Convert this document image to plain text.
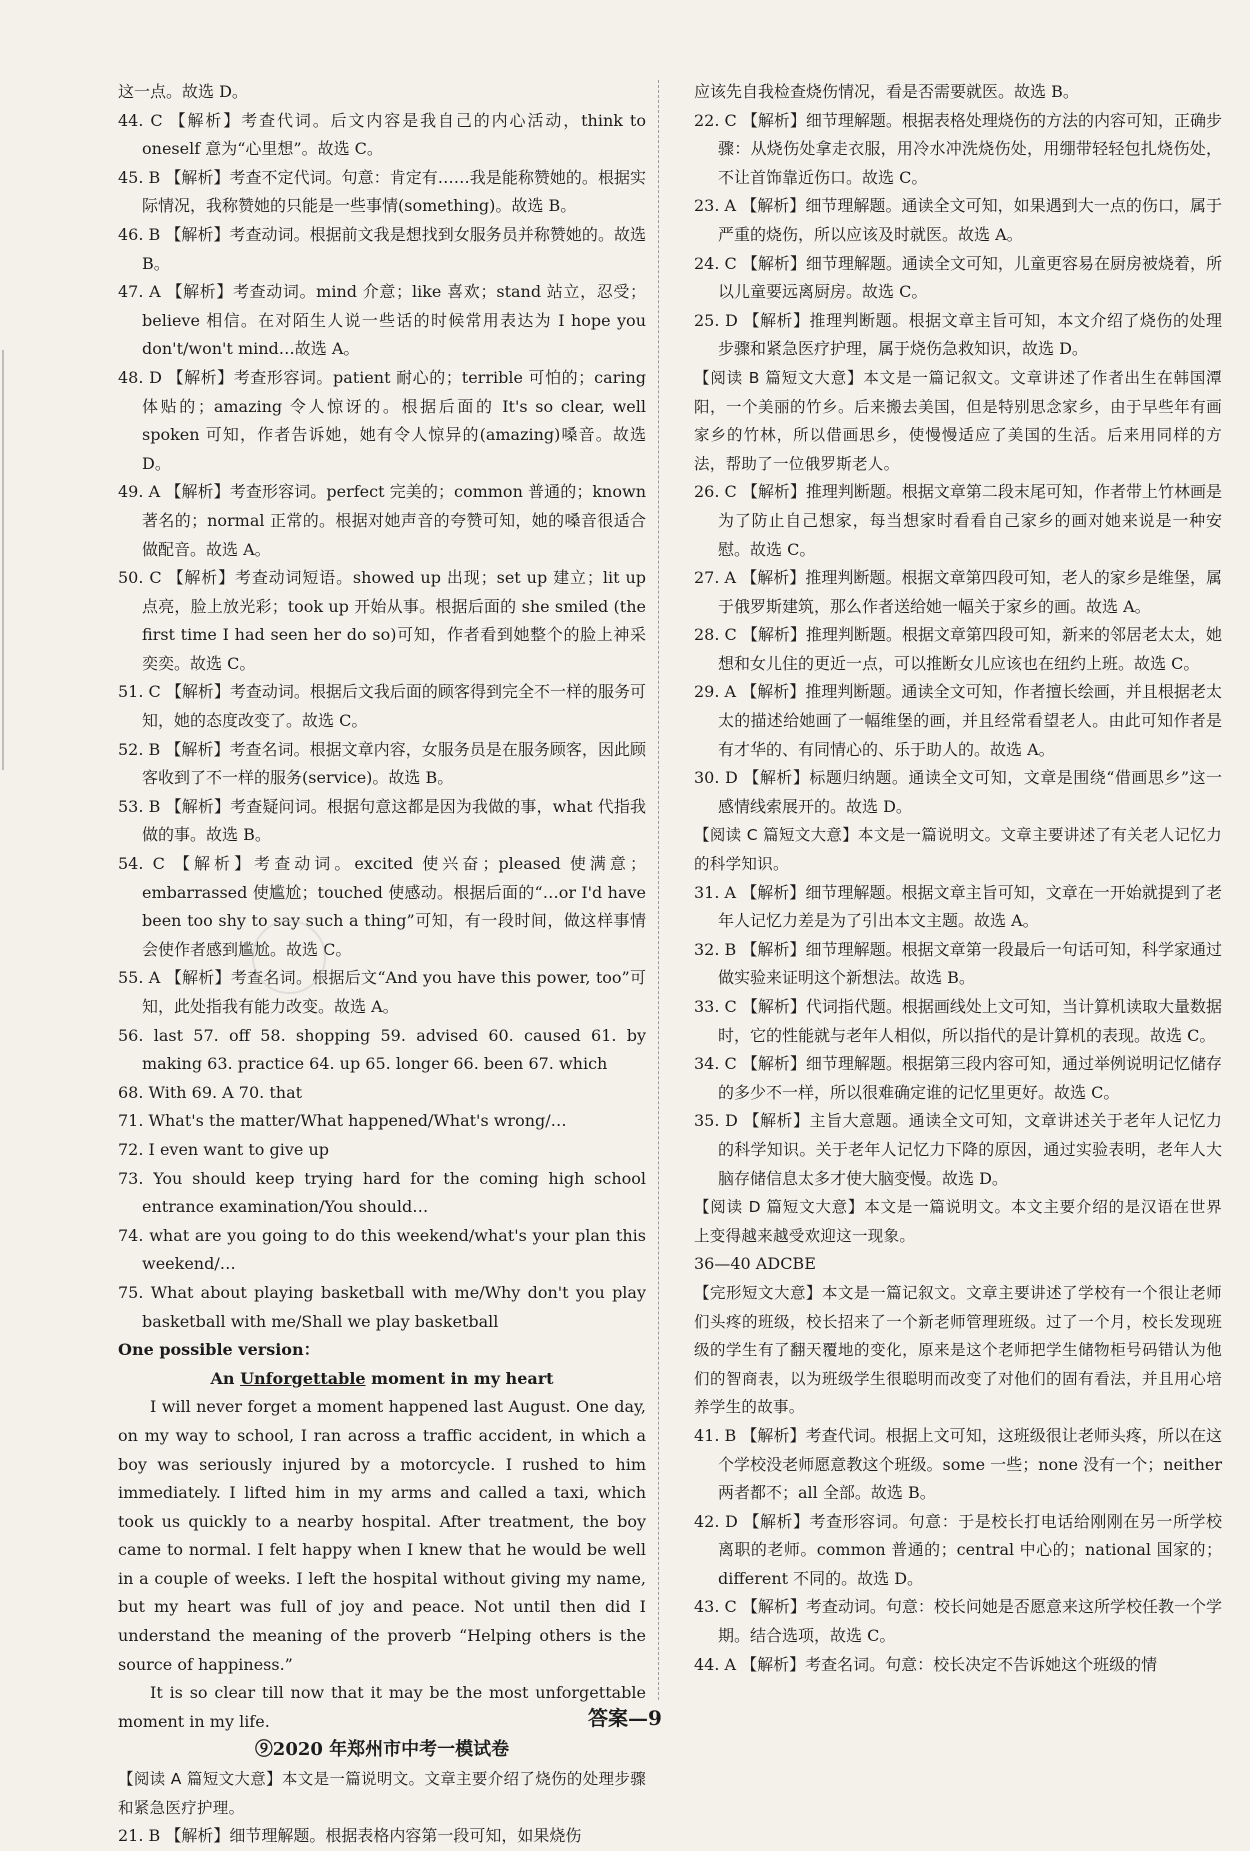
这一点。故选 D。

44. C 【解析】考查代词。后文内容是我自己的内心活动，think to oneself 意为“心里想”。故选 C。

45. B 【解析】考查不定代词。句意：肯定有……我是能称赞她的。根据实际情况，我称赞她的只能是一些事情(something)。故选 B。

46. B 【解析】考查动词。根据前文我是想找到女服务员并称赞她的。故选 B。

47. A 【解析】考查动词。mind 介意；like 喜欢；stand 站立，忍受；believe 相信。在对陌生人说一些话的时候常用表达为 I hope you don't/won't mind…故选 A。

48. D 【解析】考查形容词。patient 耐心的；terrible 可怕的；caring 体贴的；amazing 令人惊讶的。根据后面的 It's so clear, well spoken 可知，作者告诉她，她有令人惊异的(amazing)嗓音。故选 D。

49. A 【解析】考查形容词。perfect 完美的；common 普通的；known 著名的；normal 正常的。根据对她声音的夸赞可知，她的嗓音很适合做配音。故选 A。

50. C 【解析】考查动词短语。showed up 出现；set up 建立；lit up 点亮，脸上放光彩；took up 开始从事。根据后面的 she smiled (the first time I had seen her do so)可知，作者看到她整个的脸上神采奕奕。故选 C。

51. C 【解析】考查动词。根据后文我后面的顾客得到完全不一样的服务可知，她的态度改变了。故选 C。

52. B 【解析】考查名词。根据文章内容，女服务员是在服务顾客，因此顾客收到了不一样的服务(service)。故选 B。

53. B 【解析】考查疑问词。根据句意这都是因为我做的事，what 代指我做的事。故选 B。

54. C 【解析】考查动词。excited 使兴奋；pleased 使满意；embarrassed 使尴尬；touched 使感动。根据后面的“…or I'd have been too shy to say such a thing”可知，有一段时间，做这样事情会使作者感到尴尬。故选 C。

55. A 【解析】考查名词。根据后文“And you have this power, too”可知，此处指我有能力改变。故选 A。

56. last 57. off 58. shopping 59. advised 60. caused 61. by making 63. practice 64. up 65. longer 66. been 67. which

68. With 69. A 70. that

71. What's the matter/What happened/What's wrong/…

72. I even want to give up

73. You should keep trying hard for the coming high school entrance examination/You should…

74. what are you going to do this weekend/what's your plan this weekend/…

75. What about playing basketball with me/Why don't you play basketball with me/Shall we play basketball

One possible version：

An Unforgettable moment in my heart

I will never forget a moment happened last August. One day, on my way to school, I ran across a traffic accident, in which a boy was seriously injured by a motorcycle. I rushed to him immediately. I lifted him in my arms and called a taxi, which took us quickly to a nearby hospital. After treatment, the boy came to normal. I felt happy when I knew that he would be well in a couple of weeks. I left the hospital without giving my name, but my heart was full of joy and peace. Not until then did I understand the meaning of the proverb “Helping others is the source of happiness.”

It is so clear till now that it may be the most unforgettable moment in my life.

⑨2020 年郑州市中考一模试卷

【阅读 A 篇短文大意】本文是一篇说明文。文章主要介绍了烧伤的处理步骤和紧急医疗护理。

21. B 【解析】细节理解题。根据表格内容第一段可知，如果烧伤

应该先自我检查烧伤情况，看是否需要就医。故选 B。

22. C 【解析】细节理解题。根据表格处理烧伤的方法的内容可知，正确步骤：从烧伤处拿走衣服，用冷水冲洗烧伤处，用绷带轻轻包扎烧伤处，不让首饰靠近伤口。故选 C。

23. A 【解析】细节理解题。通读全文可知，如果遇到大一点的伤口，属于严重的烧伤，所以应该及时就医。故选 A。

24. C 【解析】细节理解题。通读全文可知，儿童更容易在厨房被烧着，所以儿童要远离厨房。故选 C。

25. D 【解析】推理判断题。根据文章主旨可知，本文介绍了烧伤的处理步骤和紧急医疗护理，属于烧伤急救知识，故选 D。

【阅读 B 篇短文大意】本文是一篇记叙文。文章讲述了作者出生在韩国潭阳，一个美丽的竹乡。后来搬去美国，但是特别思念家乡，由于早些年有画家乡的竹林，所以借画思乡，使慢慢适应了美国的生活。后来用同样的方法，帮助了一位俄罗斯老人。

26. C 【解析】推理判断题。根据文章第二段末尾可知，作者带上竹林画是为了防止自己想家，每当想家时看看自己家乡的画对她来说是一种安慰。故选 C。

27. A 【解析】推理判断题。根据文章第四段可知，老人的家乡是维堡，属于俄罗斯建筑，那么作者送给她一幅关于家乡的画。故选 A。

28. C 【解析】推理判断题。根据文章第四段可知，新来的邻居老太太，她想和女儿住的更近一点，可以推断女儿应该也在纽约上班。故选 C。

29. A 【解析】推理判断题。通读全文可知，作者擅长绘画，并且根据老太太的描述给她画了一幅维堡的画，并且经常看望老人。由此可知作者是有才华的、有同情心的、乐于助人的。故选 A。

30. D 【解析】标题归纳题。通读全文可知，文章是围绕“借画思乡”这一感情线索展开的。故选 D。

【阅读 C 篇短文大意】本文是一篇说明文。文章主要讲述了有关老人记忆力的科学知识。

31. A 【解析】细节理解题。根据文章主旨可知，文章在一开始就提到了老年人记忆力差是为了引出本文主题。故选 A。

32. B 【解析】细节理解题。根据文章第一段最后一句话可知，科学家通过做实验来证明这个新想法。故选 B。

33. C 【解析】代词指代题。根据画线处上文可知，当计算机读取大量数据时，它的性能就与老年人相似，所以指代的是计算机的表现。故选 C。

34. C 【解析】细节理解题。根据第三段内容可知，通过举例说明记忆储存的多少不一样，所以很难确定谁的记忆里更好。故选 C。

35. D 【解析】主旨大意题。通读全文可知，文章讲述关于老年人记忆力的科学知识。关于老年人记忆力下降的原因，通过实验表明，老年人大脑存储信息太多才使大脑变慢。故选 D。

【阅读 D 篇短文大意】本文是一篇说明文。本文主要介绍的是汉语在世界上变得越来越受欢迎这一现象。

36—40 ADCBE

【完形短文大意】本文是一篇记叙文。文章主要讲述了学校有一个很让老师们头疼的班级，校长招来了一个新老师管理班级。过了一个月，校长发现班级的学生有了翻天覆地的变化，原来是这个老师把学生储物柜号码错认为他们的智商表，以为班级学生很聪明而改变了对他们的固有看法，并且用心培养学生的故事。

41. B 【解析】考查代词。根据上文可知，这班级很让老师头疼，所以在这个学校没老师愿意教这个班级。some 一些；none 没有一个；neither 两者都不；all 全部。故选 B。

42. D 【解析】考查形容词。句意：于是校长打电话给刚刚在另一所学校离职的老师。common 普通的；central 中心的；national 国家的；different 不同的。故选 D。

43. C 【解析】考查动词。句意：校长问她是否愿意来这所学校任教一个学期。结合选项，故选 C。

44. A 【解析】考查名词。句意：校长决定不告诉她这个班级的情

答案—9
